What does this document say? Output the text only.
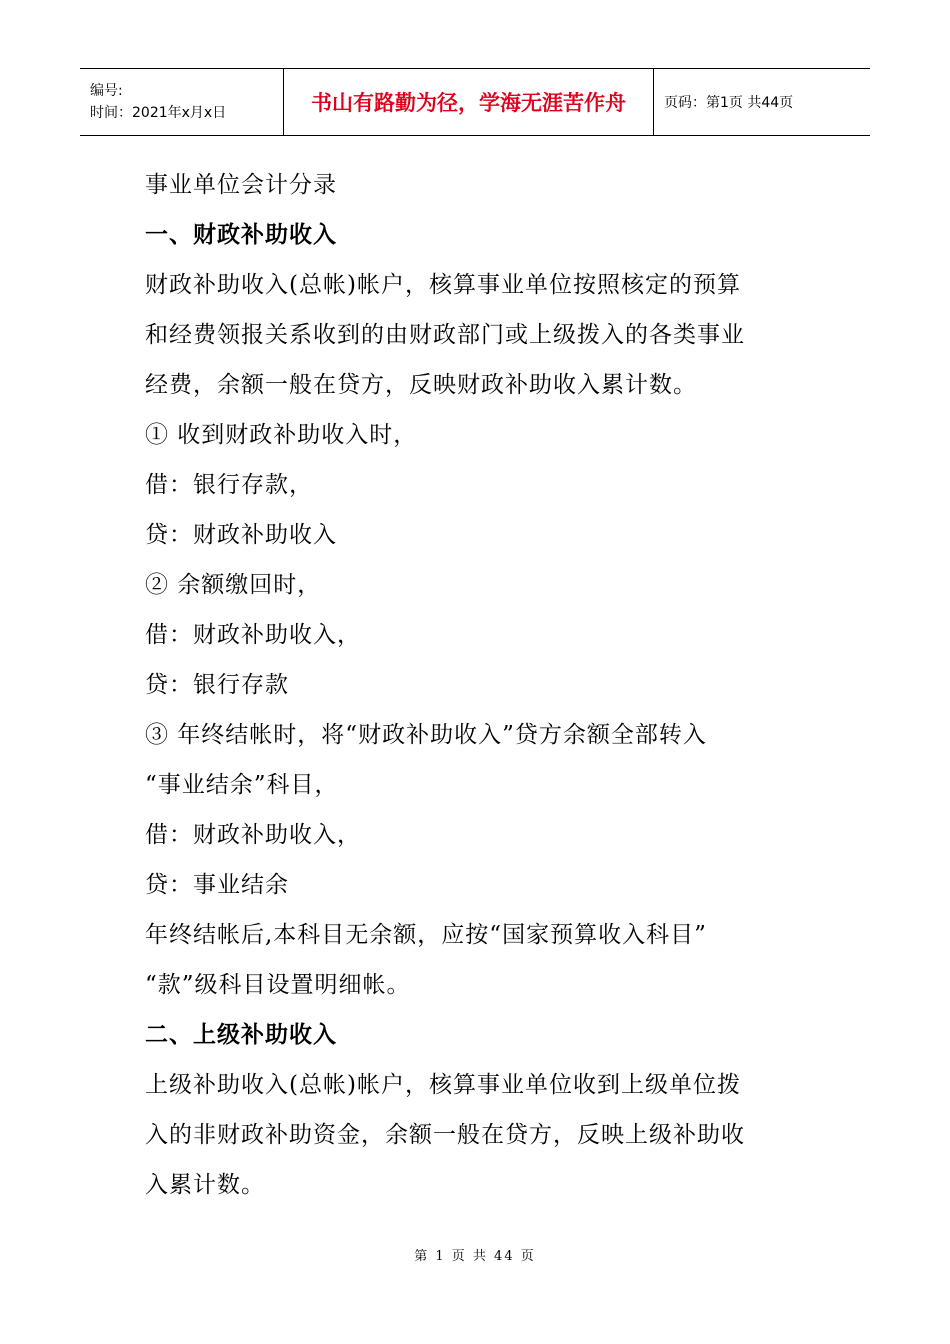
编号:
时间：2021年x月x日	书山有路勤为径，学海无涯苦作舟	页码：第1页 共44页
事业单位会计分录
一、财政补助收入
财政补助收入(总帐)帐户，核算事业单位按照核定的预算
和经费领报关系收到的由财政部门或上级拨入的各类事业
经费，余额一般在贷方，反映财政补助收入累计数。
① 收到财政补助收入时，
借：银行存款，
贷：财政补助收入
② 余额缴回时，
借：财政补助收入，
贷：银行存款
③ 年终结帐时，将“财政补助收入”贷方余额全部转入
“事业结余”科目，
借：财政补助收入，
贷：事业结余
年终结帐后,本科目无余额，应按“国家预算收入科目”
“款”级科目设置明细帐。
二、上级补助收入
上级补助收入(总帐)帐户，核算事业单位收到上级单位拨
入的非财政补助资金，余额一般在贷方，反映上级补助收
入累计数。
第 1 页 共 44 页
